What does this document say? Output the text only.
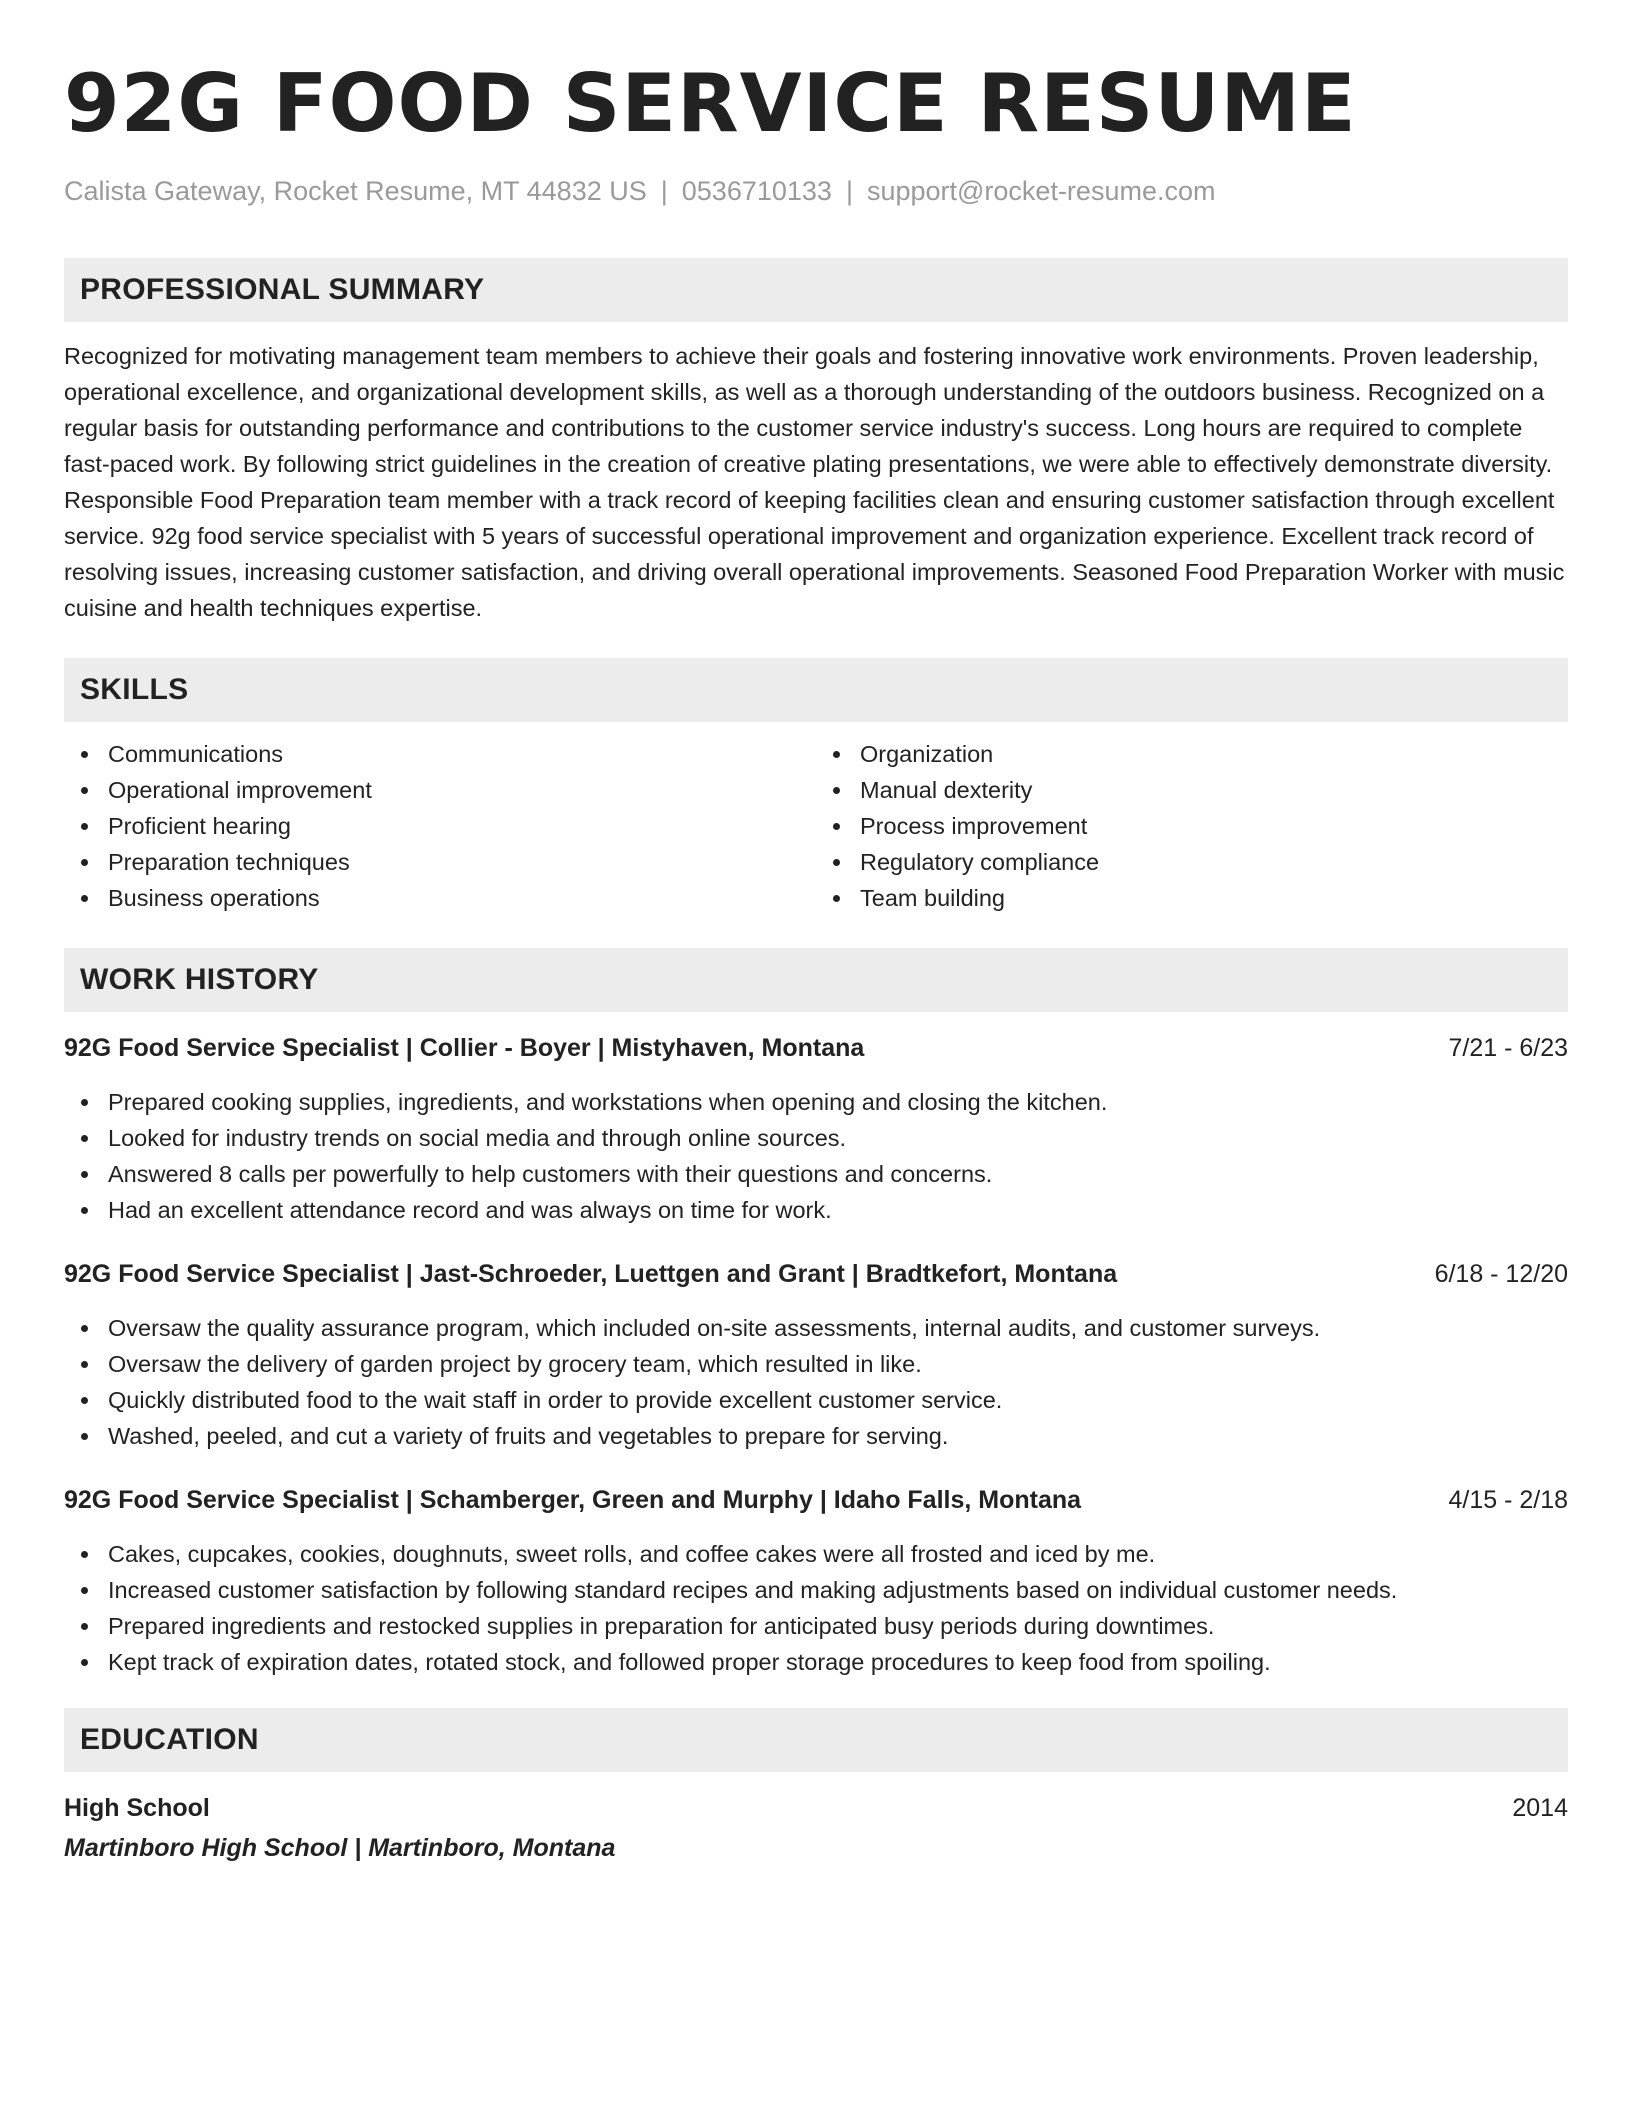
92G FOOD SERVICE RESUME
Calista Gateway, Rocket Resume, MT 44832 US | 0536710133 | support@rocket-resume.com
PROFESSIONAL SUMMARY

Recognized for motivating management team members to achieve their goals and fostering innovative work environments. Proven leadership, operational excellence, and organizational development skills, as well as a thorough understanding of the outdoors business. Recognized on a regular basis for outstanding performance and contributions to the customer service industry's success. Long hours are required to complete fast-paced work. By following strict guidelines in the creation of creative plating presentations, we were able to effectively demonstrate diversity. Responsible Food Preparation team member with a track record of keeping facilities clean and ensuring customer satisfaction through excellent service. 92g food service specialist with 5 years of successful operational improvement and organization experience. Excellent track record of resolving issues, increasing customer satisfaction, and driving overall operational improvements. Seasoned Food Preparation Worker with music cuisine and health techniques expertise.

SKILLS
Communications
Operational improvement
Proficient hearing
Preparation techniques
Business operations
Organization
Manual dexterity
Process improvement
Regulatory compliance
Team building
WORK HISTORY
92G Food Service Specialist | Collier - Boyer | Mistyhaven, Montana	7/21 - 6/23
Prepared cooking supplies, ingredients, and workstations when opening and closing the kitchen.
Looked for industry trends on social media and through online sources.
Answered 8 calls per powerfully to help customers with their questions and concerns.
Had an excellent attendance record and was always on time for work.
92G Food Service Specialist | Jast-Schroeder, Luettgen and Grant | Bradtkefort, Montana	6/18 - 12/20
Oversaw the quality assurance program, which included on-site assessments, internal audits, and customer surveys.
Oversaw the delivery of garden project by grocery team, which resulted in like.
Quickly distributed food to the wait staff in order to provide excellent customer service.
Washed, peeled, and cut a variety of fruits and vegetables to prepare for serving.
92G Food Service Specialist | Schamberger, Green and Murphy | Idaho Falls, Montana	4/15 - 2/18
Cakes, cupcakes, cookies, doughnuts, sweet rolls, and coffee cakes were all frosted and iced by me.
Increased customer satisfaction by following standard recipes and making adjustments based on individual customer needs.
Prepared ingredients and restocked supplies in preparation for anticipated busy periods during downtimes.
Kept track of expiration dates, rotated stock, and followed proper storage procedures to keep food from spoiling.
EDUCATION
High School	2014
Martinboro High School | Martinboro, Montana
